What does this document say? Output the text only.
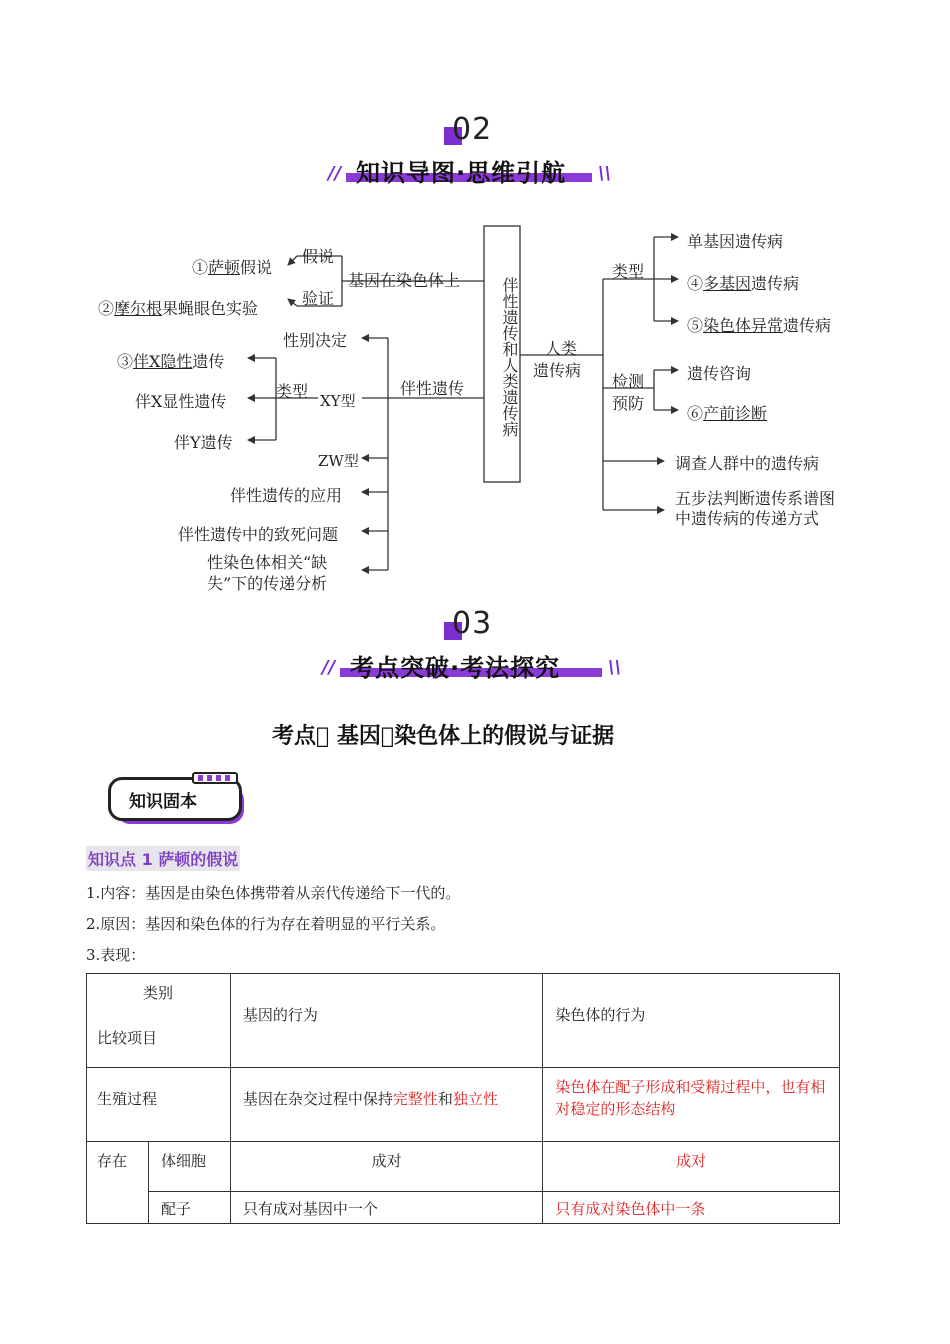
02
//	\\
知识导图·思维引航
伴性遗传和人类遗传病
基因在染色体上
假说
验证
①萨顿假说
②摩尔根果蝇眼色实验
伴性遗传
性别决定
XY型
类型
③伴X隐性遗传
伴X显性遗传
伴Y遗传
ZW型
伴性遗传的应用
伴性遗传中的致死问题
性染色体相关“缺
失”下的传递分析
人类
遗传病
类型
单基因遗传病
④多基因遗传病
⑤染色体异常遗传病
检测
预防
遗传咨询
⑥产前诊断
调查人群中的遗传病
五步法判断遗传系谱图
中遗传病的传递方式
03
//	\\
考点突破·考法探究
考点  基因 染色体上的假说与证据
知识固本
知识点 1 萨顿的假说
1.内容：基因是由染色体携带着从亲代传递给下一代的。
2.原因：基因和染色体的行为存在着明显的平行关系。
3.表现：
类别
比较项目		基因的行为	染色体的行为
生殖过程		基因在杂交过程中保持完整性和独立性	染色体在配子形成和受精过程中，也有相对稳定的形态结构
存在	体细胞	成对	成对
	配子	只有成对基因中一个	只有成对染色体中一条
